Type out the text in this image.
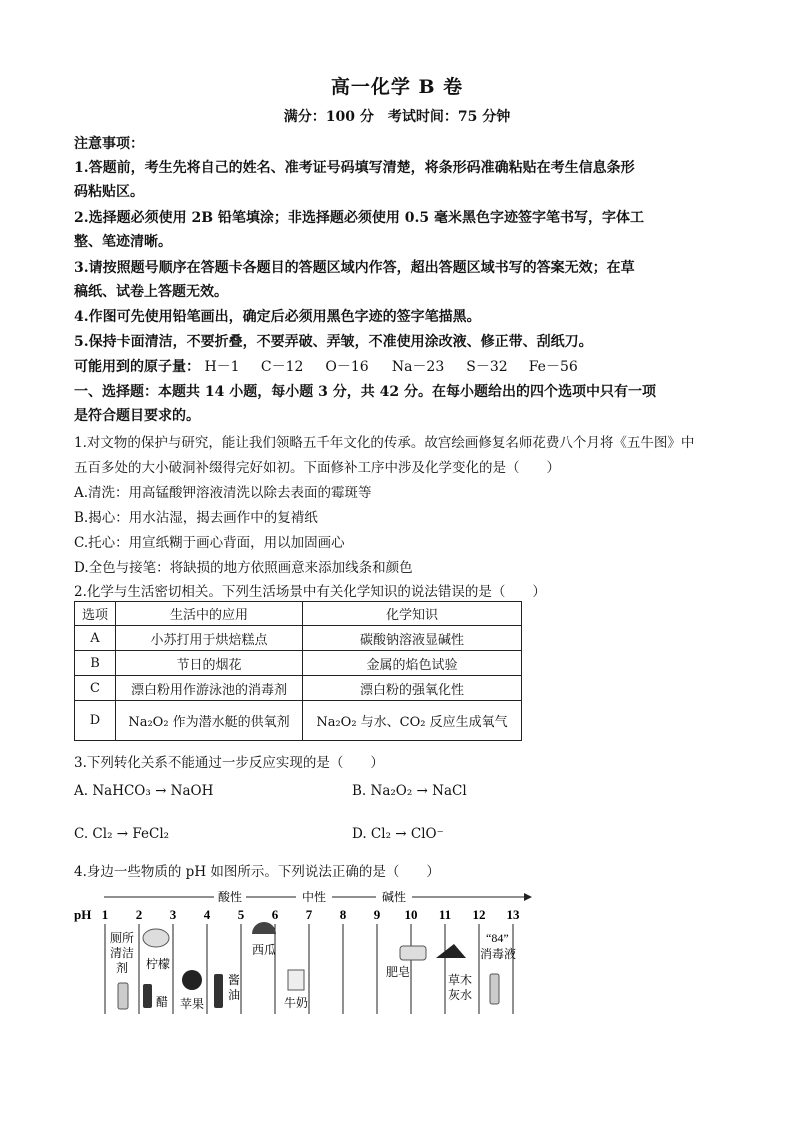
高一化学 B 卷
满分：100 分　考试时间：75 分钟
注意事项：
1.答题前，考生先将自己的姓名、准考证号码填写清楚，将条形码准确粘贴在考生信息条形
码粘贴区。
2.选择题必须使用 2B 铅笔填涂；非选择题必须使用 0.5 毫米黑色字迹签字笔书写，字体工
整、笔迹清晰。
3.请按照题号顺序在答题卡各题目的答题区域内作答，超出答题区域书写的答案无效；在草
稿纸、试卷上答题无效。
4.作图可先使用铅笔画出，确定后必须用黑色字迹的签字笔描黑。
5.保持卡面清洁，不要折叠，不要弄破、弄皱，不准使用涂改液、修正带、刮纸刀。
可能用到的原子量： H－1 C－12 O－16 Na－23 S－32 Fe－56
一、选择题：本题共 14 小题，每小题 3 分，共 42 分。在每小题给出的四个选项中只有一项
是符合题目要求的。
1.对文物的保护与研究，能让我们领略五千年文化的传承。故宫绘画修复名师花费八个月将《五牛图》中
五百多处的大小破洞补缀得完好如初。下面修补工序中涉及化学变化的是（　　）
A.清洗：用高锰酸钾溶液清洗以除去表面的霉斑等
B.揭心：用水沾湿，揭去画作中的复褙纸
C.托心：用宣纸糊于画心背面，用以加固画心
D.全色与接笔：将缺损的地方依照画意来添加线条和颜色
2.化学与生活密切相关。下列生活场景中有关化学知识的说法错误的是（　　）
选项	生活中的应用	化学知识
A	小苏打用于烘焙糕点	碳酸钠溶液显碱性
B	节日的烟花	金属的焰色试验
C	漂白粉用作游泳池的消毒剂	漂白粉的强氧化性
D	Na₂O₂ 作为潜水艇的供氧剂	Na₂O₂ 与水、CO₂ 反应生成氧气
3.下列转化关系不能通过一步反应实现的是（　　）
A. NaHCO₃ → NaOH	B. Na₂O₂ → NaCl
C. Cl₂ → FeCl₂	D. Cl₂ → ClO⁻
4.身边一些物质的 pH 如图所示。下列说法正确的是（　　）
酸性	中性	碱性
pH 1 2 3 4 5 6 7 8 9 10 11 12 13
厕所
清洁
剂 柠檬
醋 苹果
酱
油
西瓜
牛奶
肥皂
草木
灰水
“84”
消毒液
